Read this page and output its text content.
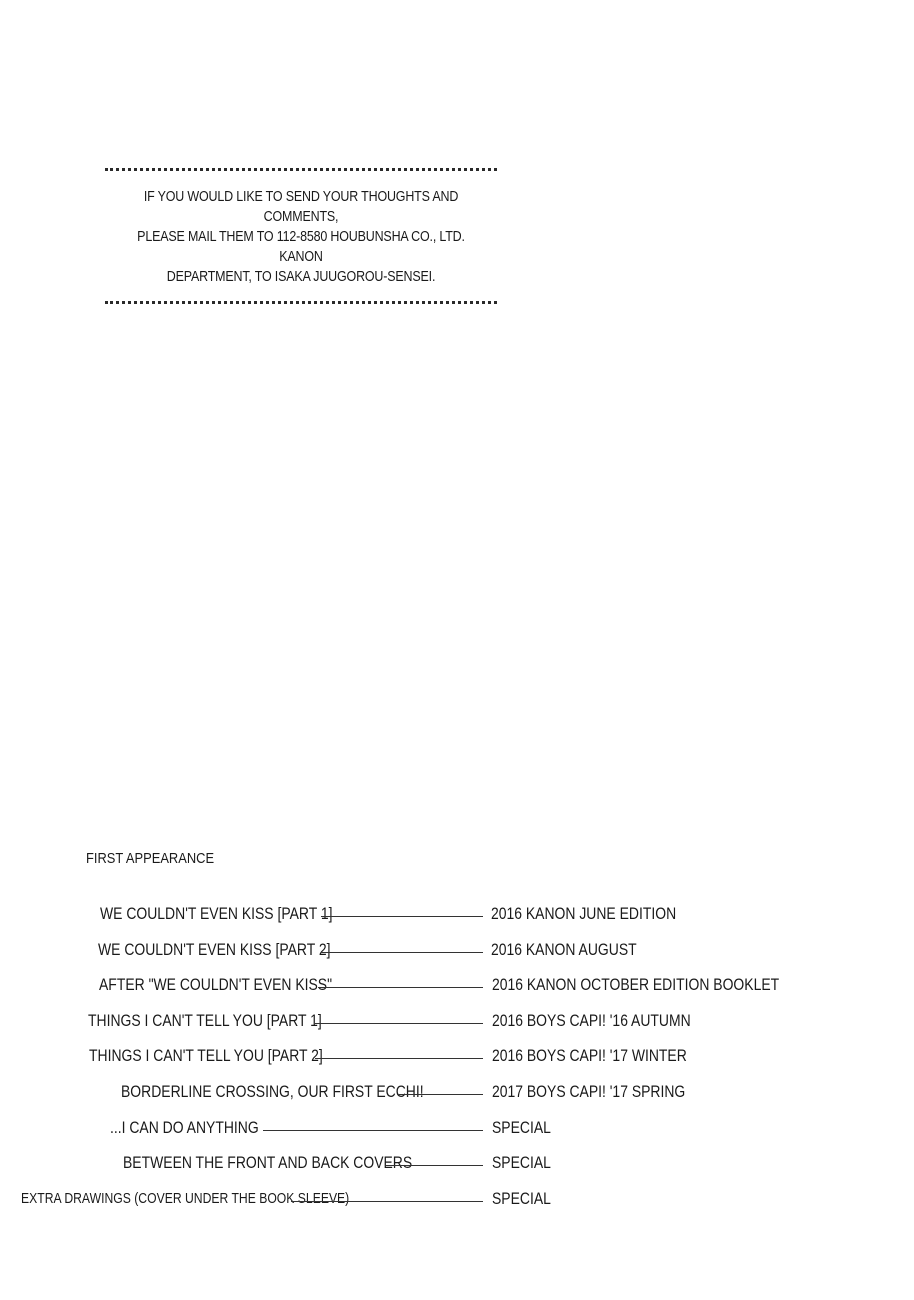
IF YOU WOULD LIKE TO SEND YOUR THOUGHTS AND COMMENTS,
PLEASE MAIL THEM TO 112-8580 HOUBUNSHA CO., LTD. KANON
DEPARTMENT, TO ISAKA JUUGOROU-SENSEI.
FIRST APPEARANCE
WE COULDN'T EVEN KISS [PART 1]	2016 KANON JUNE EDITION
WE COULDN'T EVEN KISS [PART 2]	2016 KANON AUGUST
AFTER "WE COULDN'T EVEN KISS"	2016 KANON OCTOBER EDITION BOOKLET
THINGS I CAN'T TELL YOU [PART 1]	2016 BOYS CAPI! '16 AUTUMN
THINGS I CAN'T TELL YOU [PART 2]	2016 BOYS CAPI! '17 WINTER
BORDERLINE CROSSING, OUR FIRST ECCHI!	2017 BOYS CAPI! '17 SPRING
...I CAN DO ANYTHING	SPECIAL
BETWEEN THE FRONT AND BACK COVERS	SPECIAL
EXTRA DRAWINGS (COVER UNDER THE BOOK SLEEVE)	SPECIAL
